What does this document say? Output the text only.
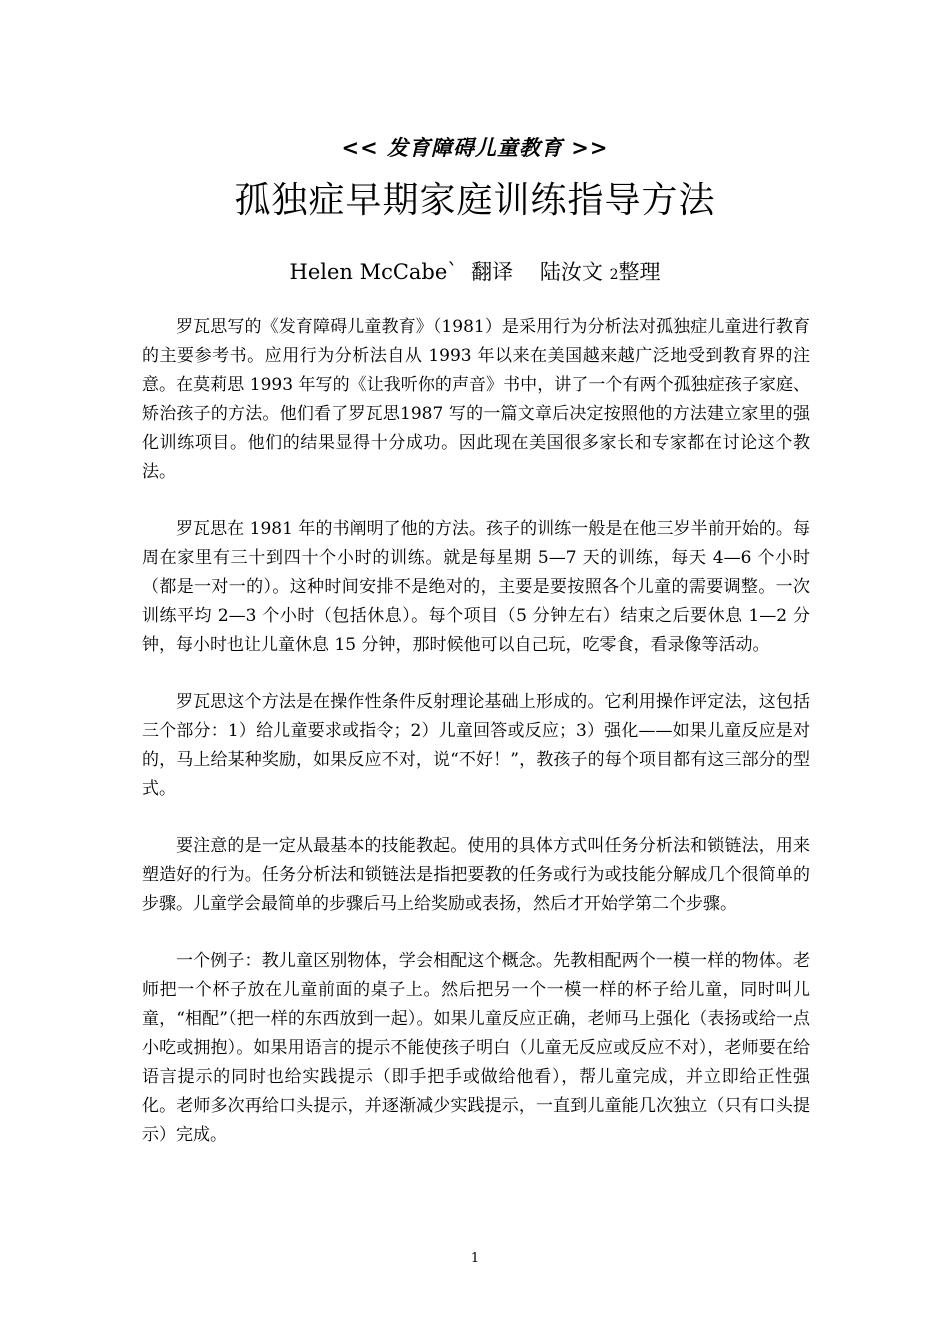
<< 发育障碍儿童教育 >>
孤独症早期家庭训练指导方法
Helen McCabe` 翻译 陆汝文 2整理

罗瓦思写的《发育障碍儿童教育》（1981）是采用行为分析法对孤独症儿童进行教育的主要参考书。应用行为分析法自从 1993 年以来在美国越来越广泛地受到教育界的注意。在莫莉思 1993 年写的《让我听你的声音》书中，讲了一个有两个孤独症孩子家庭、矫治孩子的方法。他们看了罗瓦思1987 写的一篇文章后决定按照他的方法建立家里的强化训练项目。他们的结果显得十分成功。因此现在美国很多家长和专家都在讨论这个教法。

罗瓦思在 1981 年的书阐明了他的方法。孩子的训练一般是在他三岁半前开始的。每周在家里有三十到四十个小时的训练。就是每星期 5—7 天的训练，每天 4—6 个小时（都是一对一的）。这种时间安排不是绝对的，主要是要按照各个儿童的需要调整。一次训练平均 2—3 个小时（包括休息）。每个项目（5 分钟左右）结束之后要休息 1—2 分钟，每小时也让儿童休息 15 分钟，那时候他可以自己玩，吃零食，看录像等活动。

罗瓦思这个方法是在操作性条件反射理论基础上形成的。它利用操作评定法，这包括三个部分：1）给儿童要求或指令；2）儿童回答或反应；3）强化——如果儿童反应是对的，马上给某种奖励，如果反应不对，说“不好！”，教孩子的每个项目都有这三部分的型式。

要注意的是一定从最基本的技能教起。使用的具体方式叫任务分析法和锁链法，用来塑造好的行为。任务分析法和锁链法是指把要教的任务或行为或技能分解成几个很简单的步骤。儿童学会最简单的步骤后马上给奖励或表扬，然后才开始学第二个步骤。

一个例子：教儿童区别物体，学会相配这个概念。先教相配两个一模一样的物体。老师把一个杯子放在儿童前面的桌子上。然后把另一个一模一样的杯子给儿童，同时叫儿童，“相配”（把一样的东西放到一起）。如果儿童反应正确，老师马上强化（表扬或给一点小吃或拥抱）。如果用语言的提示不能使孩子明白（儿童无反应或反应不对），老师要在给语言提示的同时也给实践提示（即手把手或做给他看），帮儿童完成，并立即给正性强化。老师多次再给口头提示，并逐渐减少实践提示，一直到儿童能几次独立（只有口头提示）完成。

1
